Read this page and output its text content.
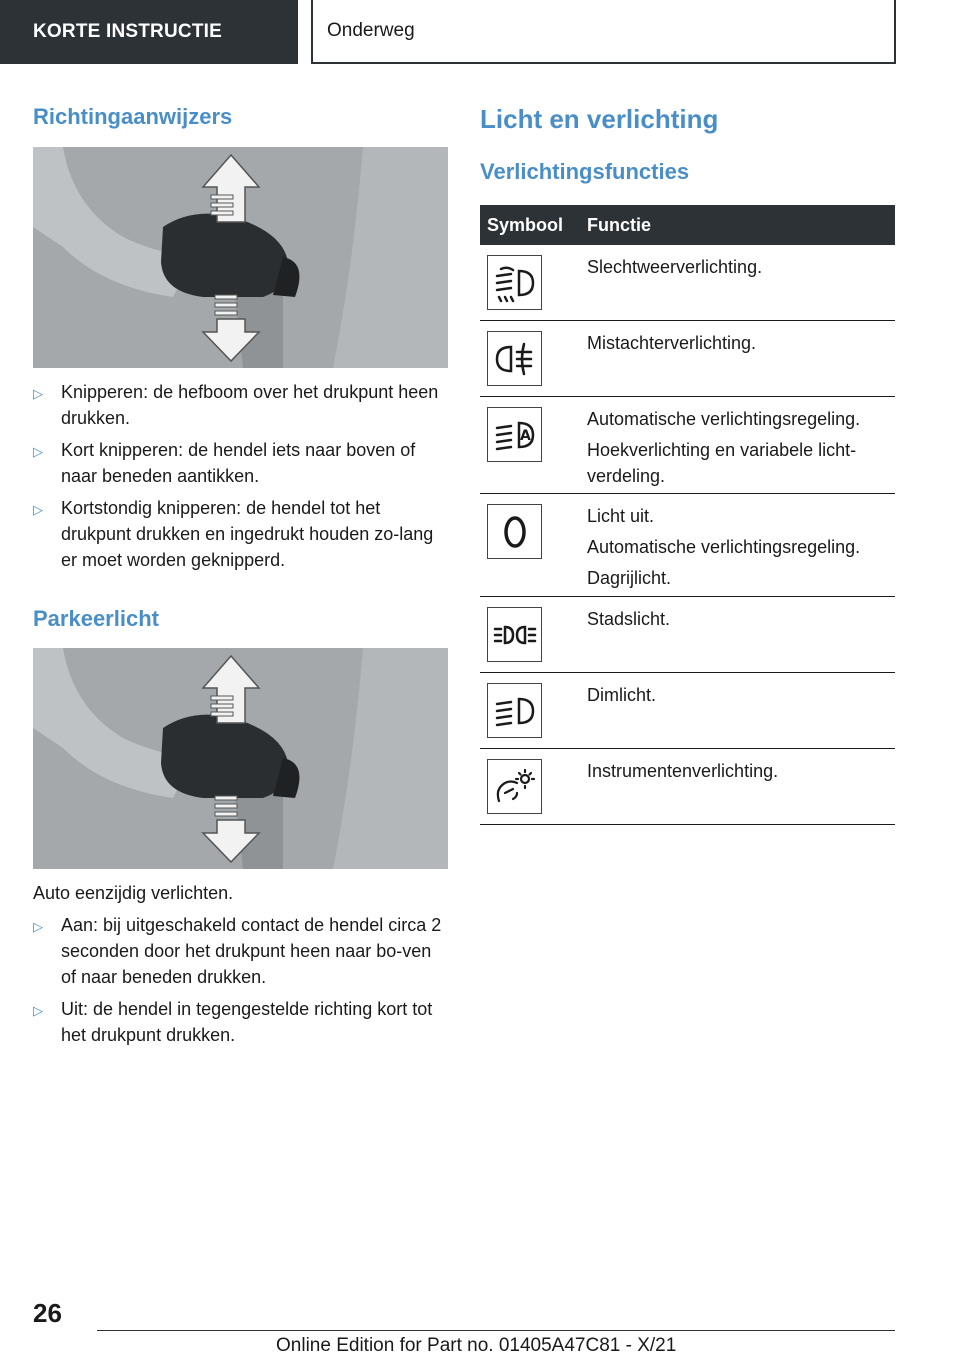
KORTE INSTRUCTIE	Onderweg
Richtingaanwijzers
▷ Knipperen: de hefboom over het drukpunt heen drukken.
▷ Kort knipperen: de hendel iets naar boven of naar beneden aantikken.
▷ Kortstondig knipperen: de hendel tot het drukpunt drukken en ingedrukt houden zo-lang er moet worden geknipperd.
Parkeerlicht

Auto eenzijdig verlichten.

▷ Aan: bij uitgeschakeld contact de hendel circa 2 seconden door het drukpunt heen naar bo-ven of naar beneden drukken.
▷ Uit: de hendel in tegengestelde richting kort tot het drukpunt drukken.
Licht en verlichting
Verlichtingsfuncties
Symbool	Functie

Slechtweerverlichting.

Mistachterverlichting.

A

Automatische verlichtingsregeling.

Hoekverlichting en variabele licht-verdeling.

Licht uit.

Automatische verlichtingsregeling.

Dagrijlicht.

Stadslicht.

Dimlicht.

Instrumentenverlichting.

26
Online Edition for Part no. 01405A47C81 - X/21
